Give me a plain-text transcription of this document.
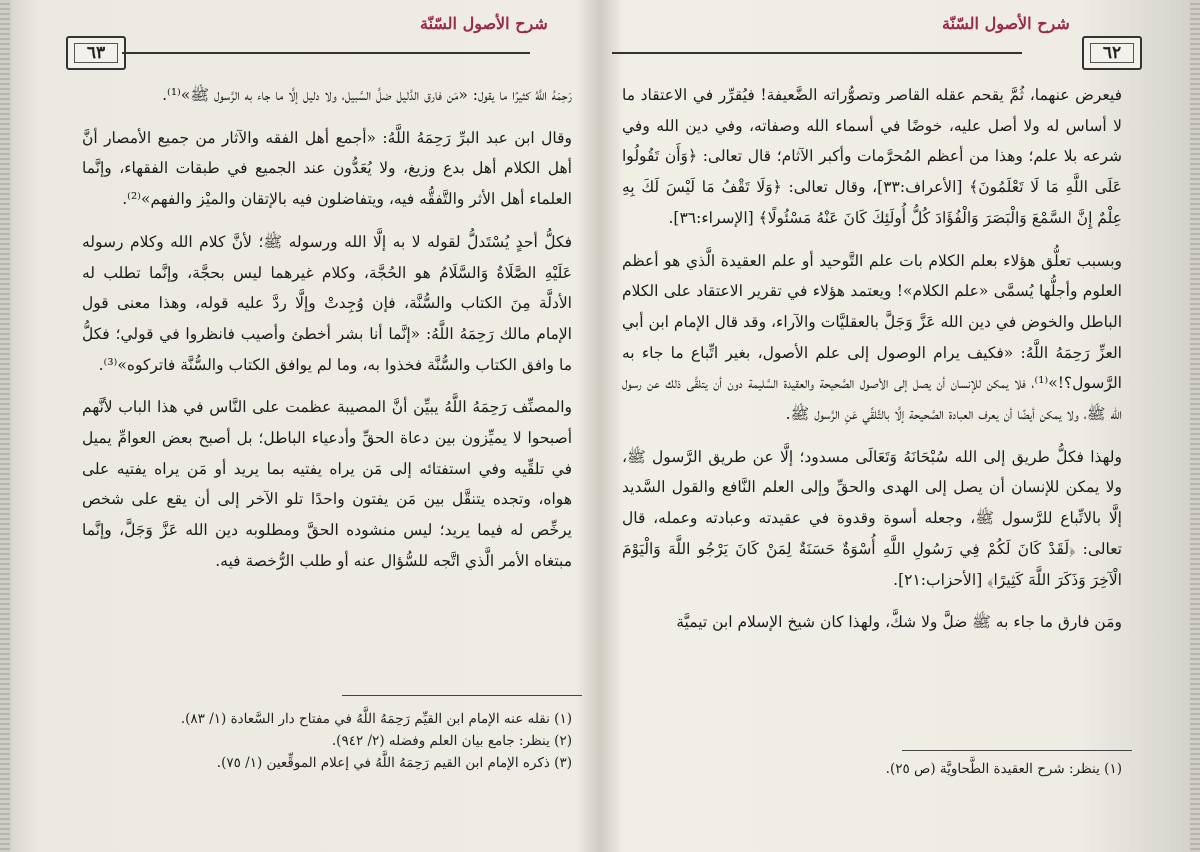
شرح الأصول السّنّة
٦٣

رَحِمَهُ اللَّهُ كثيرًا ما يقول: «مَن فارق الدَّليل ضلَّ السَّبيل، ولا دليل إلَّا ما جاء به الرَّسول ﷺ»⁽¹⁾.

وقال ابن عبد البرِّ رَحِمَهُ اللَّهُ: «أجمع أهل الفقه والآثار من جميع الأمصار أنَّ أهل الكلام أهل بدع وزيغ، ولا يُعَدُّون عند الجميع في طبقات الفقهاء، وإنَّما العلماء أهل الأثر والتَّفقُّه فيه، ويتفاضلون فيه بالإتقان والميْز والفهم»⁽²⁾.

فكلُّ أحدٍ يُسْتَدلُّ لقوله لا به إلَّا الله ورسوله ﷺ؛ لأنَّ كلام الله وكلام رسوله عَلَيْهِ الصَّلَاةُ وَالسَّلَامُ هو الحُجَّة، وكلام غيرهما ليس بحجَّة، وإنَّما تطلب له الأدلَّة مِنَ الكتاب والسُّنَّة، فإن وُجِدتْ وإلَّا ردَّ عليه قوله، وهذا معنى قول الإمام مالك رَحِمَهُ اللَّهُ: «إنَّما أنا بشر أخطئ وأصيب فانظروا في قولي؛ فكلُّ ما وافق الكتاب والسُّنَّة فخذوا به، وما لم يوافق الكتاب والسُّنَّة فاتركوه»⁽³⁾.

والمصنِّف رَحِمَهُ اللَّهُ يبيِّن أنَّ المصيبة عظمت على النَّاس في هذا الباب لأنَّهم أصبحوا لا يميِّزون بين دعاة الحقِّ وأدعياء الباطل؛ بل أصبح بعض العوامِّ يميل في تلقِّيه وفي استفتائه إلى مَن يراه يفتيه بما يريد أو مَن يراه يفتيه على هواه، وتجده يتنقَّل بين مَن يفتون واحدًا تلو الآخر إلى أن يقع على شخص يرخِّص له فيما يريد؛ ليس منشوده الحقَّ ومطلوبه دين الله عَزَّ وَجَلَّ، وإنَّما مبتغاه الأمر الَّذي اتَّجه للسُّؤال عنه أو طلب الرُّخصة فيه.

(١) نقله عنه الإمام ابن القيِّم رَحِمَهُ اللَّهُ في مفتاح دار السَّعادة (١/ ٨٣).
(٢) ينظر: جامع بيان العلم وفضله (٢/ ٩٤٢).
(٣) ذكره الإمام ابن القيم رَحِمَهُ اللَّهُ في إعلام الموقِّعين (١/ ٧٥).
شرح الأصول السّنّة
٦٢

فيعرض عنهما، ثُمَّ يقحم عقله القاصر وتصوُّراته الضَّعيفة! فيُقرِّر في الاعتقاد ما لا أساس له ولا أصل عليه، خوضًا في أسماء الله وصفاته، وفي دين الله وفي شرعه بلا علم؛ وهذا من أعظم المُحرَّمات وأكبر الآثام؛ قال تعالى: ﴿وَأَن تَقُولُوا عَلَى اللَّهِ مَا لَا تَعْلَمُونَ﴾ [الأعراف:٣٣]، وقال تعالى: ﴿وَلَا تَقْفُ مَا لَيْسَ لَكَ بِهِ عِلْمٌ إِنَّ السَّمْعَ وَالْبَصَرَ وَالْفُؤَادَ كُلُّ أُولَئِكَ كَانَ عَنْهُ مَسْئُولًا﴾ [الإسراء:٣٦].

وبسبب تعلُّق هؤلاء بعلم الكلام بات علم التَّوحيد أو علم العقيدة الَّذي هو أعظم العلوم وأجلُّها يُسمَّى «علم الكلام»! ويعتمد هؤلاء في تقرير الاعتقاد على الكلام الباطل والخوض في دين الله عَزَّ وَجَلَّ بالعقليَّات والآراء، وقد قال الإمام ابن أبي العزِّ رَحِمَهُ اللَّهُ: «فكيف يرام الوصول إلى علم الأصول، بغير اتِّباع ما جاء به الرَّسول؟!»⁽¹⁾، فلا يمكن للإنسان أن يصل إلى الأصول الصَّحيحة والعقيدة السَّليمة دون أن يتلقَّى ذلك عن رسول الله ﷺ، ولا يمكن أيضًا أن يعرف العبادة الصَّحيحة إلَّا بالتَّلقِّي عَنِ الرَّسول ﷺ.

ولهذا فكلُّ طريق إلى الله سُبْحَانَهُ وَتَعَالَى مسدود؛ إلَّا عن طريق الرَّسول ﷺ، ولا يمكن للإنسان أن يصل إلى الهدى والحقِّ وإلى العلم النَّافع والقول السَّديد إلَّا بالاتِّباع للرَّسول ﷺ، وجعله أسوة وقدوة في عقيدته وعبادته وعمله، قال تعالى: ﴿لَقَدْ كَانَ لَكُمْ فِي رَسُولِ اللَّهِ أُسْوَةٌ حَسَنَةٌ لِمَنْ كَانَ يَرْجُو اللَّهَ وَالْيَوْمَ الْآخِرَ وَذَكَرَ اللَّهَ كَثِيرًا﴾ [الأحزاب:٢١].

ومَن فارق ما جاء به ﷺ ضلَّ ولا شكَّ، ولهذا كان شيخ الإسلام ابن تيميَّة

(١) ينظر: شرح العقيدة الطَّحاويَّة (ص ٢٥).
